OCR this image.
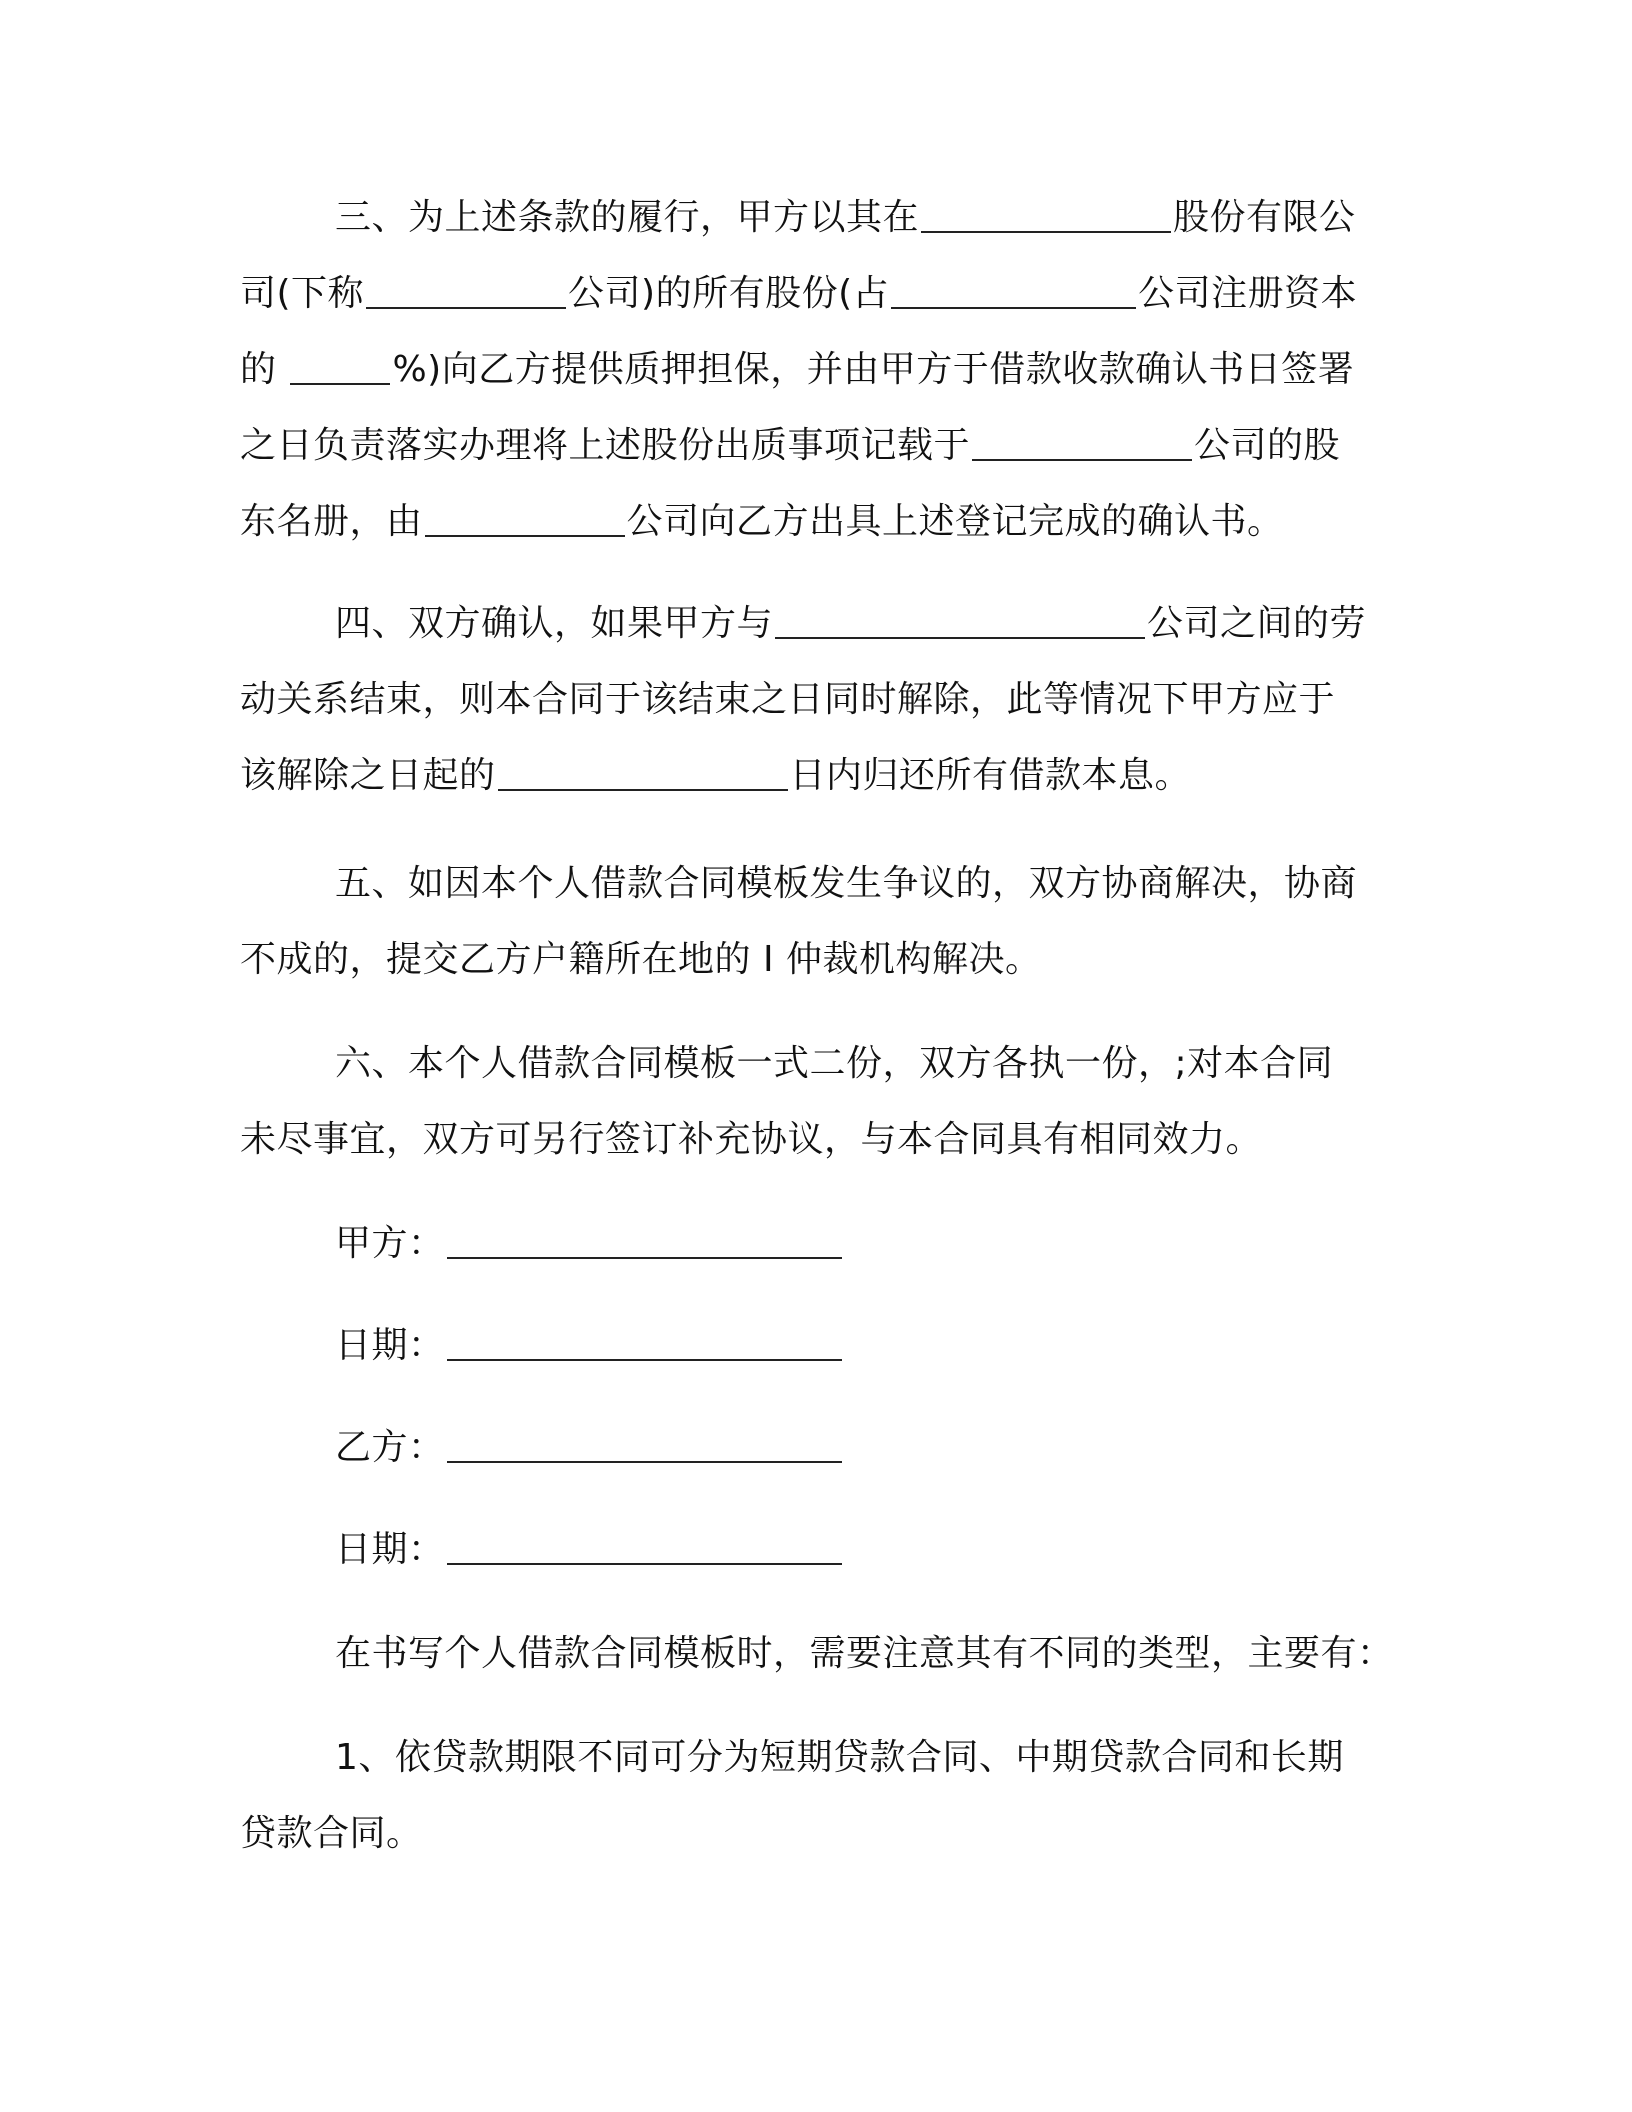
三、为上述条款的履行，甲方以其在	股份有限公
司(下称	公司)的所有股份(占	公司注册资本
的	%)向乙方提供质押担保，并由甲方于借款收款确认书日签署
之日负责落实办理将上述股份出质事项记载于	公司的股
东名册，由	公司向乙方出具上述登记完成的确认书。
四、双方确认，如果甲方与	公司之间的劳
动关系结束，则本合同于该结束之日同时解除，此等情况下甲方应于
该解除之日起的	日内归还所有借款本息。
五、如因本个人借款合同模板发生争议的，双方协商解决，协商
不成的，提交乙方户籍所在地的 I 仲裁机构解决。
六、本个人借款合同模板一式二份，双方各执一份，;对本合同
未尽事宜，双方可另行签订补充协议，与本合同具有相同效力。
甲方：
日期：
乙方：
日期：
在书写个人借款合同模板时，需要注意其有不同的类型，主要有：
1、依贷款期限不同可分为短期贷款合同、中期贷款合同和长期
贷款合同。
